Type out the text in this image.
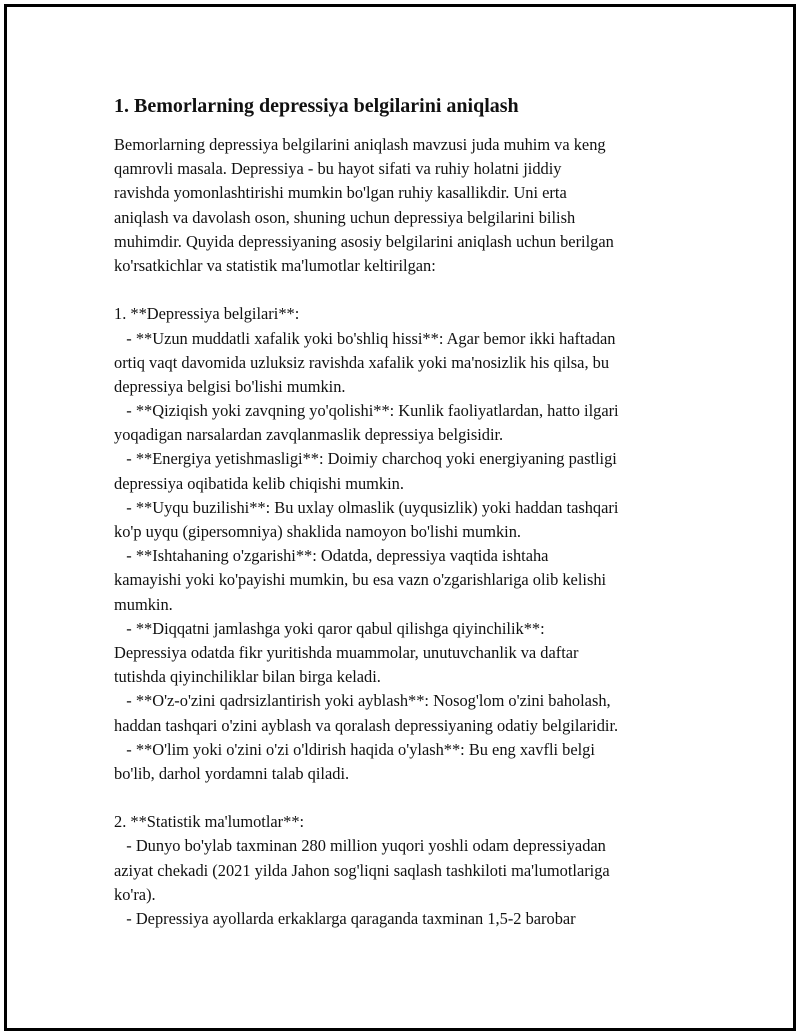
1. Bemorlarning depressiya belgilarini aniqlash
Bemorlarning depressiya belgilarini aniqlash mavzusi juda muhim va keng
qamrovli masala. Depressiya - bu hayot sifati va ruhiy holatni jiddiy
ravishda yomonlashtirishi mumkin bo'lgan ruhiy kasallikdir. Uni erta
aniqlash va davolash oson, shuning uchun depressiya belgilarini bilish
muhimdir. Quyida depressiyaning asosiy belgilarini aniqlash uchun berilgan
ko'rsatkichlar va statistik ma'lumotlar keltirilgan:
1. **Depressiya belgilari**:
- **Uzun muddatli xafalik yoki bo'shliq hissi**: Agar bemor ikki haftadan
ortiq vaqt davomida uzluksiz ravishda xafalik yoki ma'nosizlik his qilsa, bu
depressiya belgisi bo'lishi mumkin.
- **Qiziqish yoki zavqning yo'qolishi**: Kunlik faoliyatlardan, hatto ilgari
yoqadigan narsalardan zavqlanmaslik depressiya belgisidir.
- **Energiya yetishmasligi**: Doimiy charchoq yoki energiyaning pastligi
depressiya oqibatida kelib chiqishi mumkin.
- **Uyqu buzilishi**: Bu uxlay olmaslik (uyqusizlik) yoki haddan tashqari
ko'p uyqu (gipersomniya) shaklida namoyon bo'lishi mumkin.
- **Ishtahaning o'zgarishi**: Odatda, depressiya vaqtida ishtaha
kamayishi yoki ko'payishi mumkin, bu esa vazn o'zgarishlariga olib kelishi
mumkin.
- **Diqqatni jamlashga yoki qaror qabul qilishga qiyinchilik**:
Depressiya odatda fikr yuritishda muammolar, unutuvchanlik va daftar
tutishda qiyinchiliklar bilan birga keladi.
- **O'z-o'zini qadrsizlantirish yoki ayblash**: Nosog'lom o'zini baholash,
haddan tashqari o'zini ayblash va qoralash depressiyaning odatiy belgilaridir.
- **O'lim yoki o'zini o'zi o'ldirish haqida o'ylash**: Bu eng xavfli belgi
bo'lib, darhol yordamni talab qiladi.
2. **Statistik ma'lumotlar**:
- Dunyo bo'ylab taxminan 280 million yuqori yoshli odam depressiyadan
aziyat chekadi (2021 yilda Jahon sog'liqni saqlash tashkiloti ma'lumotlariga
ko'ra).
- Depressiya ayollarda erkaklarga qaraganda taxminan 1,5-2 barobar
